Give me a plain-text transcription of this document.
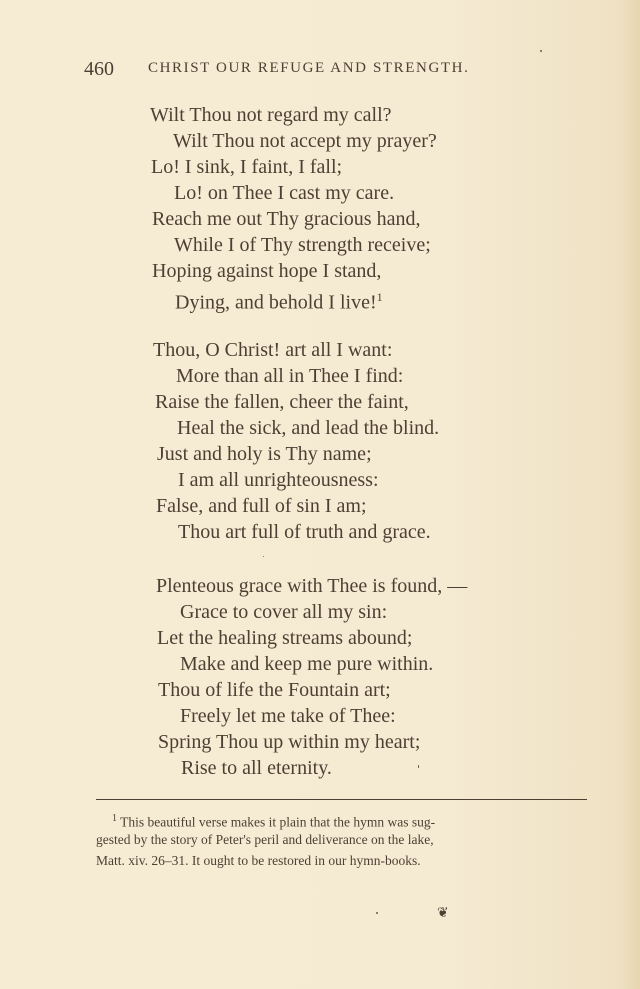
460 CHRIST OUR REFUGE AND STRENGTH.
Wilt Thou not regard my call?
Wilt Thou not accept my prayer?
Lo! I sink, I faint, I fall;
Lo! on Thee I cast my care.
Reach me out Thy gracious hand,
While I of Thy strength receive;
Hoping against hope I stand,
Dying, and behold I live!$^1$
Thou, O Christ! art all I want:
More than all in Thee I find:
Raise the fallen, cheer the faint,
Heal the sick, and lead the blind.
Just and holy is Thy name;
I am all unrighteousness:
False, and full of sin I am;
Thou art full of truth and grace.
Plenteous grace with Thee is found, —
Grace to cover all my sin:
Let the healing streams abound;
Make and keep me pure within.
Thou of life the Fountain art;
Freely let me take of Thee:
Spring Thou up within my heart;
Rise to all eternity.
$^1$ This beautiful verse makes it plain that the hymn was sug-
gested by the story of Peter's peril and deliverance on the lake,
Matt. xiv. 26–31. It ought to be restored in our hymn-books.
❦
